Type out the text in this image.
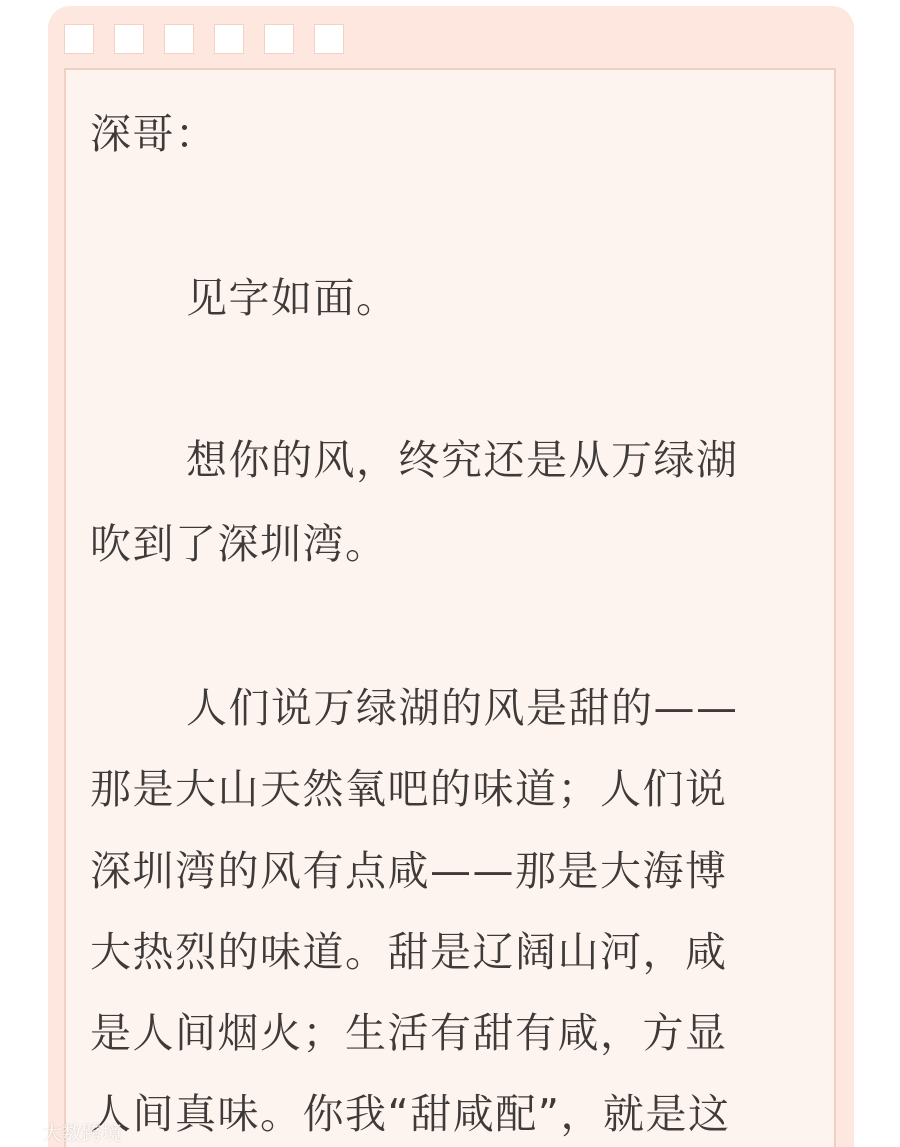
深哥：
见字如面。
想你的风，终究还是从万绿湖
吹到了深圳湾。
人们说万绿湖的风是甜的——
那是大山天然氧吧的味道；人们说
深圳湾的风有点咸——那是大海博
大热烈的味道。甜是辽阔山河，咸
是人间烟火；生活有甜有咸，方显
人间真味。你我“甜咸配”，就是这
大数跨境
